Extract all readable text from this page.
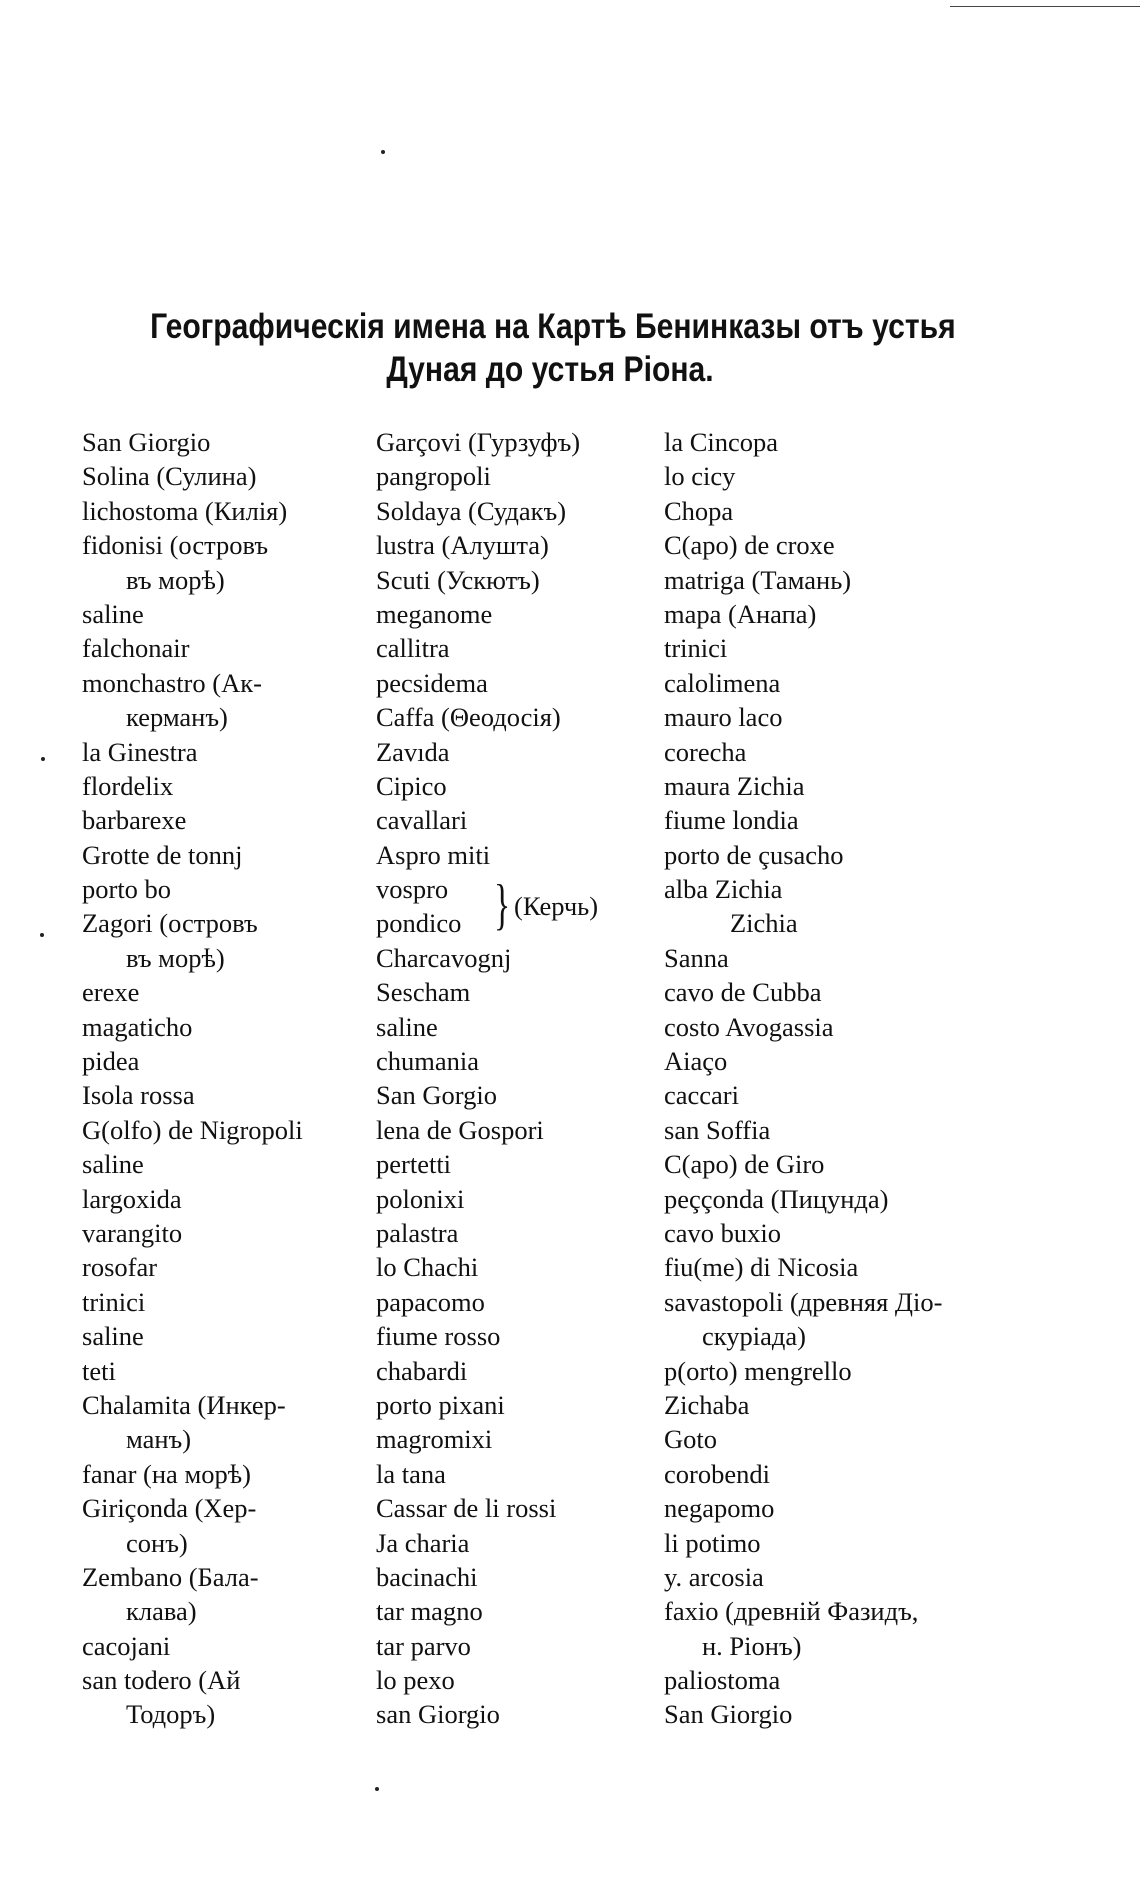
Географическія имена на Картѣ Бенинказы отъ устья
Дуная до устья Ріона.
San Giorgio
Solina (Сулина)
lichostoma (Килія)
fidonisi (островъ
въ морѣ)
saline
falchonair
monchastro (Ак-
керманъ)
la Ginestra
flordelix
barbarexe
Grotte de tonnj
porto bo
Zagori (островъ
въ морѣ)
erexe
magaticho
pidea
Isola rossa
G(olfo) de Nigropoli
saline
largoxida
varangito
rosofar
trinici
saline
teti
Chalamita (Инкер-
манъ)
fanar (на морѣ)
Giriçonda (Хер-
сонъ)
Zembano (Бала-
клава)
cacojani
san todero (Ай
Тодоръ)
Garçovi (Гурзуфъ)
pangropoli
Soldaya (Судакъ)
lustra (Алушта)
Scuti (Ускютъ)
meganome
callitra
pecsidema
Caffa (Θеодосія)
Zavıda
Cipico
cavallari
Aspro miti
vospro
pondico } (Керчь)
Charcavognj
Sescham
saline
chumania
San Gorgio
lena de Gospori
pertetti
polonixi
palastra
lo Chachi
papacomo
fiume rosso
chabardi
porto pixani
magromixi
la tana
Cassar de li rossi
Ja charia
bacinachi
tar magno
tar parvo
lo pexo
san Giorgio
la Cincopa
lo cicy
Chopa
C(apo) de croxe
matriga (Тамань)
mapa (Анапа)
trinici
calolimena
mauro laco
corecha
maura Zichia
fiume londia
porto de çusacho
alba Zichia
Zichia
Sanna
cavo de Cubba
costo Avogassia
Aiaço
caccari
san Soffia
C(apo) de Giro
peççonda (Пицунда)
cavo buxio
fiu(me) di Nicosia
savastopoli (древняя Діо-
скуріада)
p(orto) mengrello
Zichaba
Goto
corobendi
negapomo
li potimo
y. arcosia
faxio (древній Фазидъ,
н. Ріонъ)
paliostoma
San Giorgio
